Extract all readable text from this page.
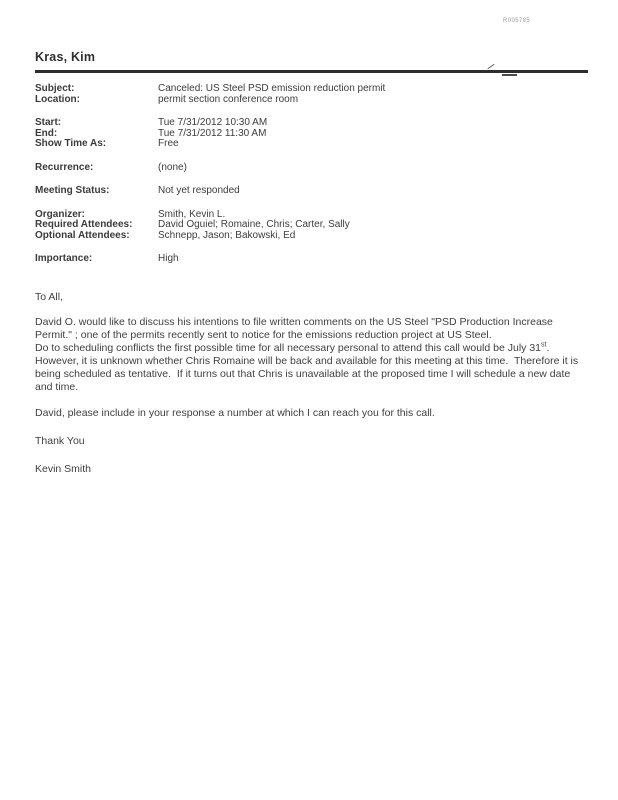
R005785
Kras, Kim
Subject:	Canceled: US Steel PSD emission reduction permit
Location:	permit section conference room
Start:	Tue 7/31/2012 10:30 AM
End:	Tue 7/31/2012 11:30 AM
Show Time As:	Free
Recurrence:	(none)
Meeting Status:	Not yet responded
Organizer:	Smith, Kevin L.
Required Attendees:	David Oguiel; Romaine, Chris; Carter, Sally
Optional Attendees:	Schnepp, Jason; Bakowski, Ed
Importance:	High
To All,
David O. would like to discuss his intentions to file written comments on the US Steel "PSD Production Increase Permit." ; one of the permits recently sent to notice for the emissions reduction project at US Steel.
Do to scheduling conflicts the first possible time for all necessary personal to attend this call would be July 31st.
However, it is unknown whether Chris Romaine will be back and available for this meeting at this time.  Therefore it is being scheduled as tentative.  If it turns out that Chris is unavailable at the proposed time I will schedule a new date and time.
David, please include in your response a number at which I can reach you for this call.
Thank You
Kevin Smith
